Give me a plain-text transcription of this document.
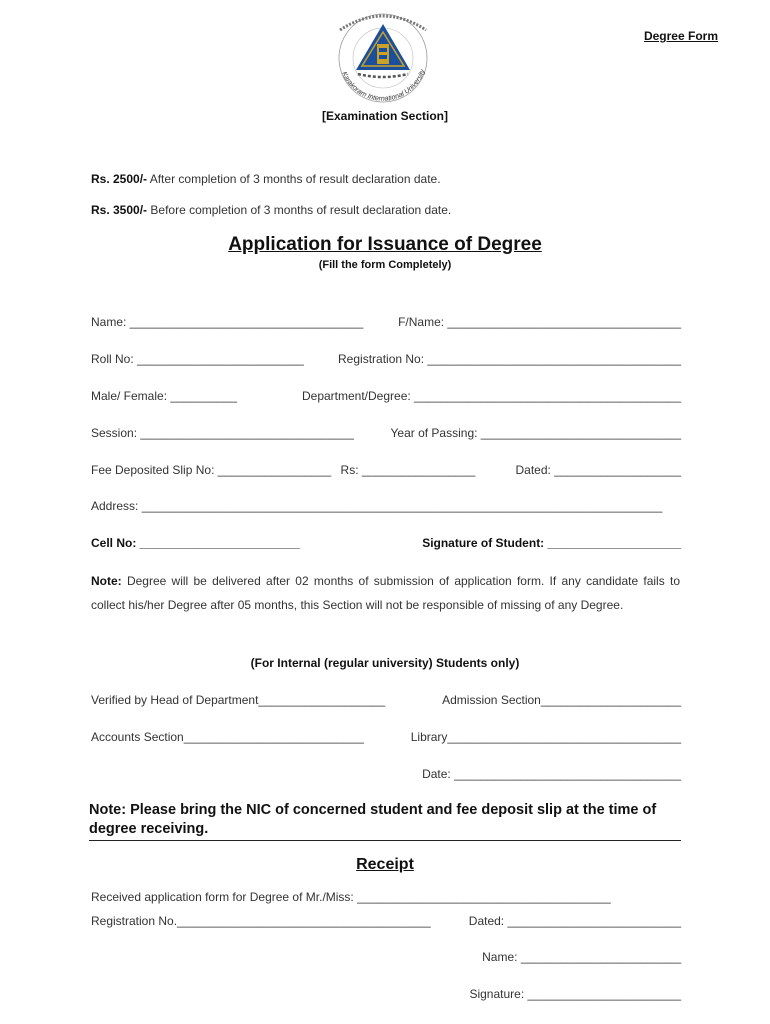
Degree Form
Karakoram International University
[Examination Section]
Rs. 2500/- After completion of 3 months of result declaration date.
Rs. 3500/- Before completion of 3 months of result declaration date.
Application for Issuance of Degree
(Fill the form Completely)
Name: ___________________________________	F/Name: ___________________________________
Roll No: _________________________	Registration No: ______________________________________
Male/ Female: __________	Department/Degree: ________________________________________
Session: ________________________________	Year of Passing: ______________________________
Fee Deposited Slip No: _________________ Rs: _________________	Dated: ___________________
Address: ______________________________________________________________________________
Cell No: ________________________	Signature of Student: ____________________
Note: Degree will be delivered after 02 months of submission of application form. If any candidate fails to collect his/her Degree after 05 months, this Section will not be responsible of missing of any Degree.
(For Internal (regular university) Students only)
Verified by Head of Department___________________	Admission Section_____________________
Accounts Section___________________________	Library___________________________________
Date: __________________________________
Note: Please bring the NIC of concerned student and fee deposit slip at the time of degree receiving.
Receipt
Received application form for Degree of Mr./Miss: ______________________________________
Registration No.______________________________________	Dated: __________________________
Name: ________________________
Signature: _______________________
